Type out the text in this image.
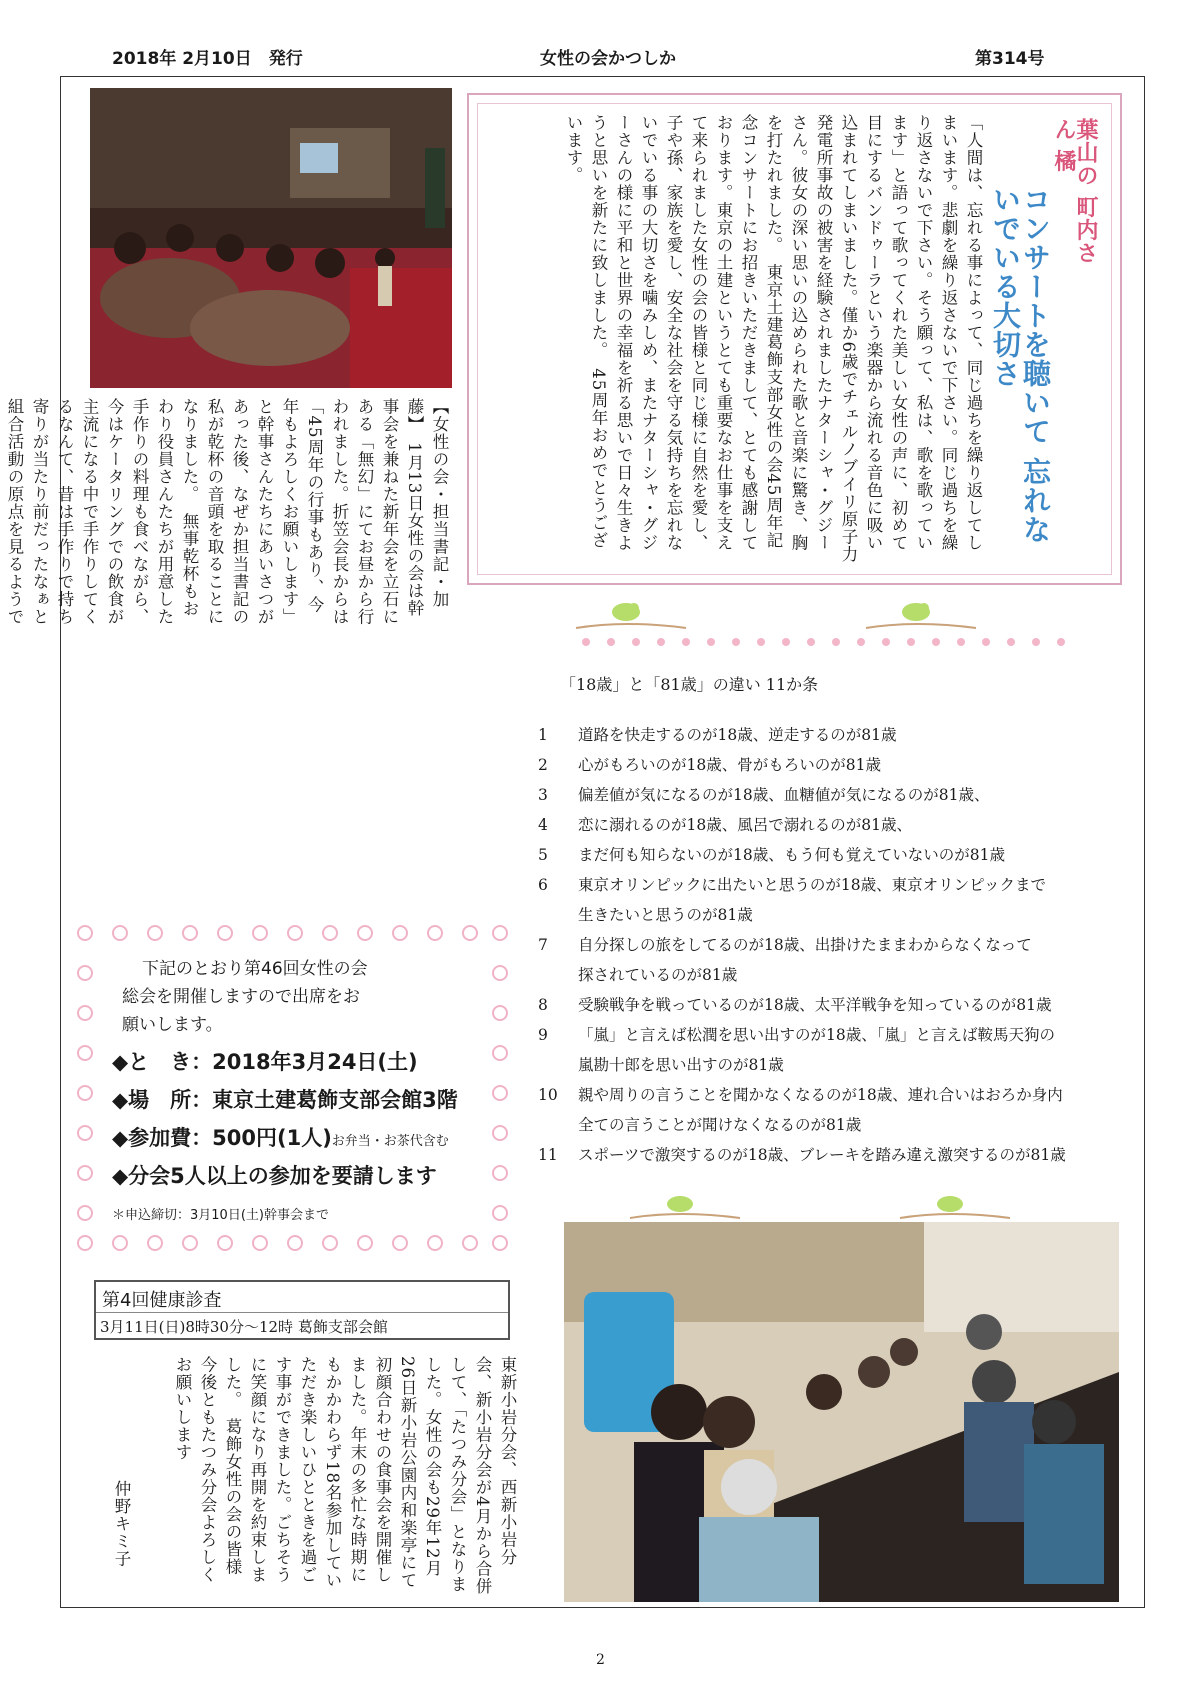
2018年 2月10日　発行	女性の会かつしか	第314号
葉山の 町内さん 橘
コンサートを聴いて 忘れないでいる大切さ
「人間は、忘れる事によって、同じ過ちを繰り返してしまいます。悲劇を繰り返さないで下さい。同じ過ちを繰り返さないで下さい。そう願って、私は、歌を歌っています」と語って歌ってくれた美しい女性の声に、初めて目にするバンドゥーラという楽器から流れる音色に吸い込まれてしまいました。僅か6歳でチェルノブイリ原子力発電所事故の被害を経験されましたナターシャ・グジーさん。彼女の深い思いの込められた歌と音楽に驚き、胸を打たれました。　東京土建葛飾支部女性の会45周年記念コンサートにお招きいただきまして、とても感謝しております。東京の土建というとても重要なお仕事を支えて来られました女性の会の皆様と同じ様に自然を愛し、子や孫、家族を愛し、安全な社会を守る気持ちを忘れないでいる事の大切さを噛みしめ、またナターシャ・グジーさんの様に平和と世界の幸福を祈る思いで日々生きようと思いを新たに致しました。　45周年おめでとうございます。
【女性の会・担当書記・加藤】　1月13日女性の会は幹事会を兼ねた新年会を立石にある「無幻」にてお昼から行われました。折笠会長からは「45周年の行事もあり、今年もよろしくお願いします」と幹事さんたちにあいさつがあった後、なぜか担当書記の私が乾杯の音頭を取ることになりました。　無事乾杯もおわり役員さんたちが用意した手作りの料理も食べながら、今はケータリングでの飲食が主流になる中で手作りしてくるなんて、昔は手作りで持ち寄りが当たり前だったなぁと組合活動の原点を見るようで　
「18歳」と「81歳」の違い 11か条
1	道路を快走するのが18歳、逆走するのが81歳
2	心がもろいのが18歳、骨がもろいのが81歳
3	偏差値が気になるのが18歳、血糖値が気になるのが81歳、
4	恋に溺れるのが18歳、風呂で溺れるのが81歳、
5	まだ何も知らないのが18歳、もう何も覚えていないのが81歳
6	東京オリンピックに出たいと思うのが18歳、東京オリンピックまで
生きたいと思うのが81歳
7	自分探しの旅をしてるのが18歳、出掛けたままわからなくなって
探されているのが81歳
8	受験戦争を戦っているのが18歳、太平洋戦争を知っているのが81歳
9	「嵐」と言えば松潤を思い出すのが18歳、「嵐」と言えば鞍馬天狗の
嵐勘十郎を思い出すのが81歳
10	親や周りの言うことを聞かなくなるのが18歳、連れ合いはおろか身内
全ての言うことが聞けなくなるのが81歳
11	スポーツで激突するのが18歳、ブレーキを踏み違え激突するのが81歳
下記のとおり第46回女性の会
総会を開催しますので出席をお
願いします。
◆と　き：2018年3月24日(土)
◆場　所：東京土建葛飾支部会館3階
◆参加費：500円(1人)お弁当・お茶代含む
◆分会5人以上の参加を要請します
＊申込締切：3月10日(土)幹事会まで
第4回健康診査
3月11日(日)8時30分～12時 葛飾支部会館
東新小岩分会、西新小岩分会、新小岩分会が4月から合併して、「たつみ分会」となりました。女性の会も29年12月26日新小岩公園内和楽亭にて初顔合わせの食事会を開催しました。年末の多忙な時期にもかかわらず18名参加していただき楽しいひとときを過ごす事ができました。ごちそうに笑顔になり再開を約束しました。　葛飾女性の会の皆様　今後ともたつみ分会よろしくお願いします
仲野キミ子
2
